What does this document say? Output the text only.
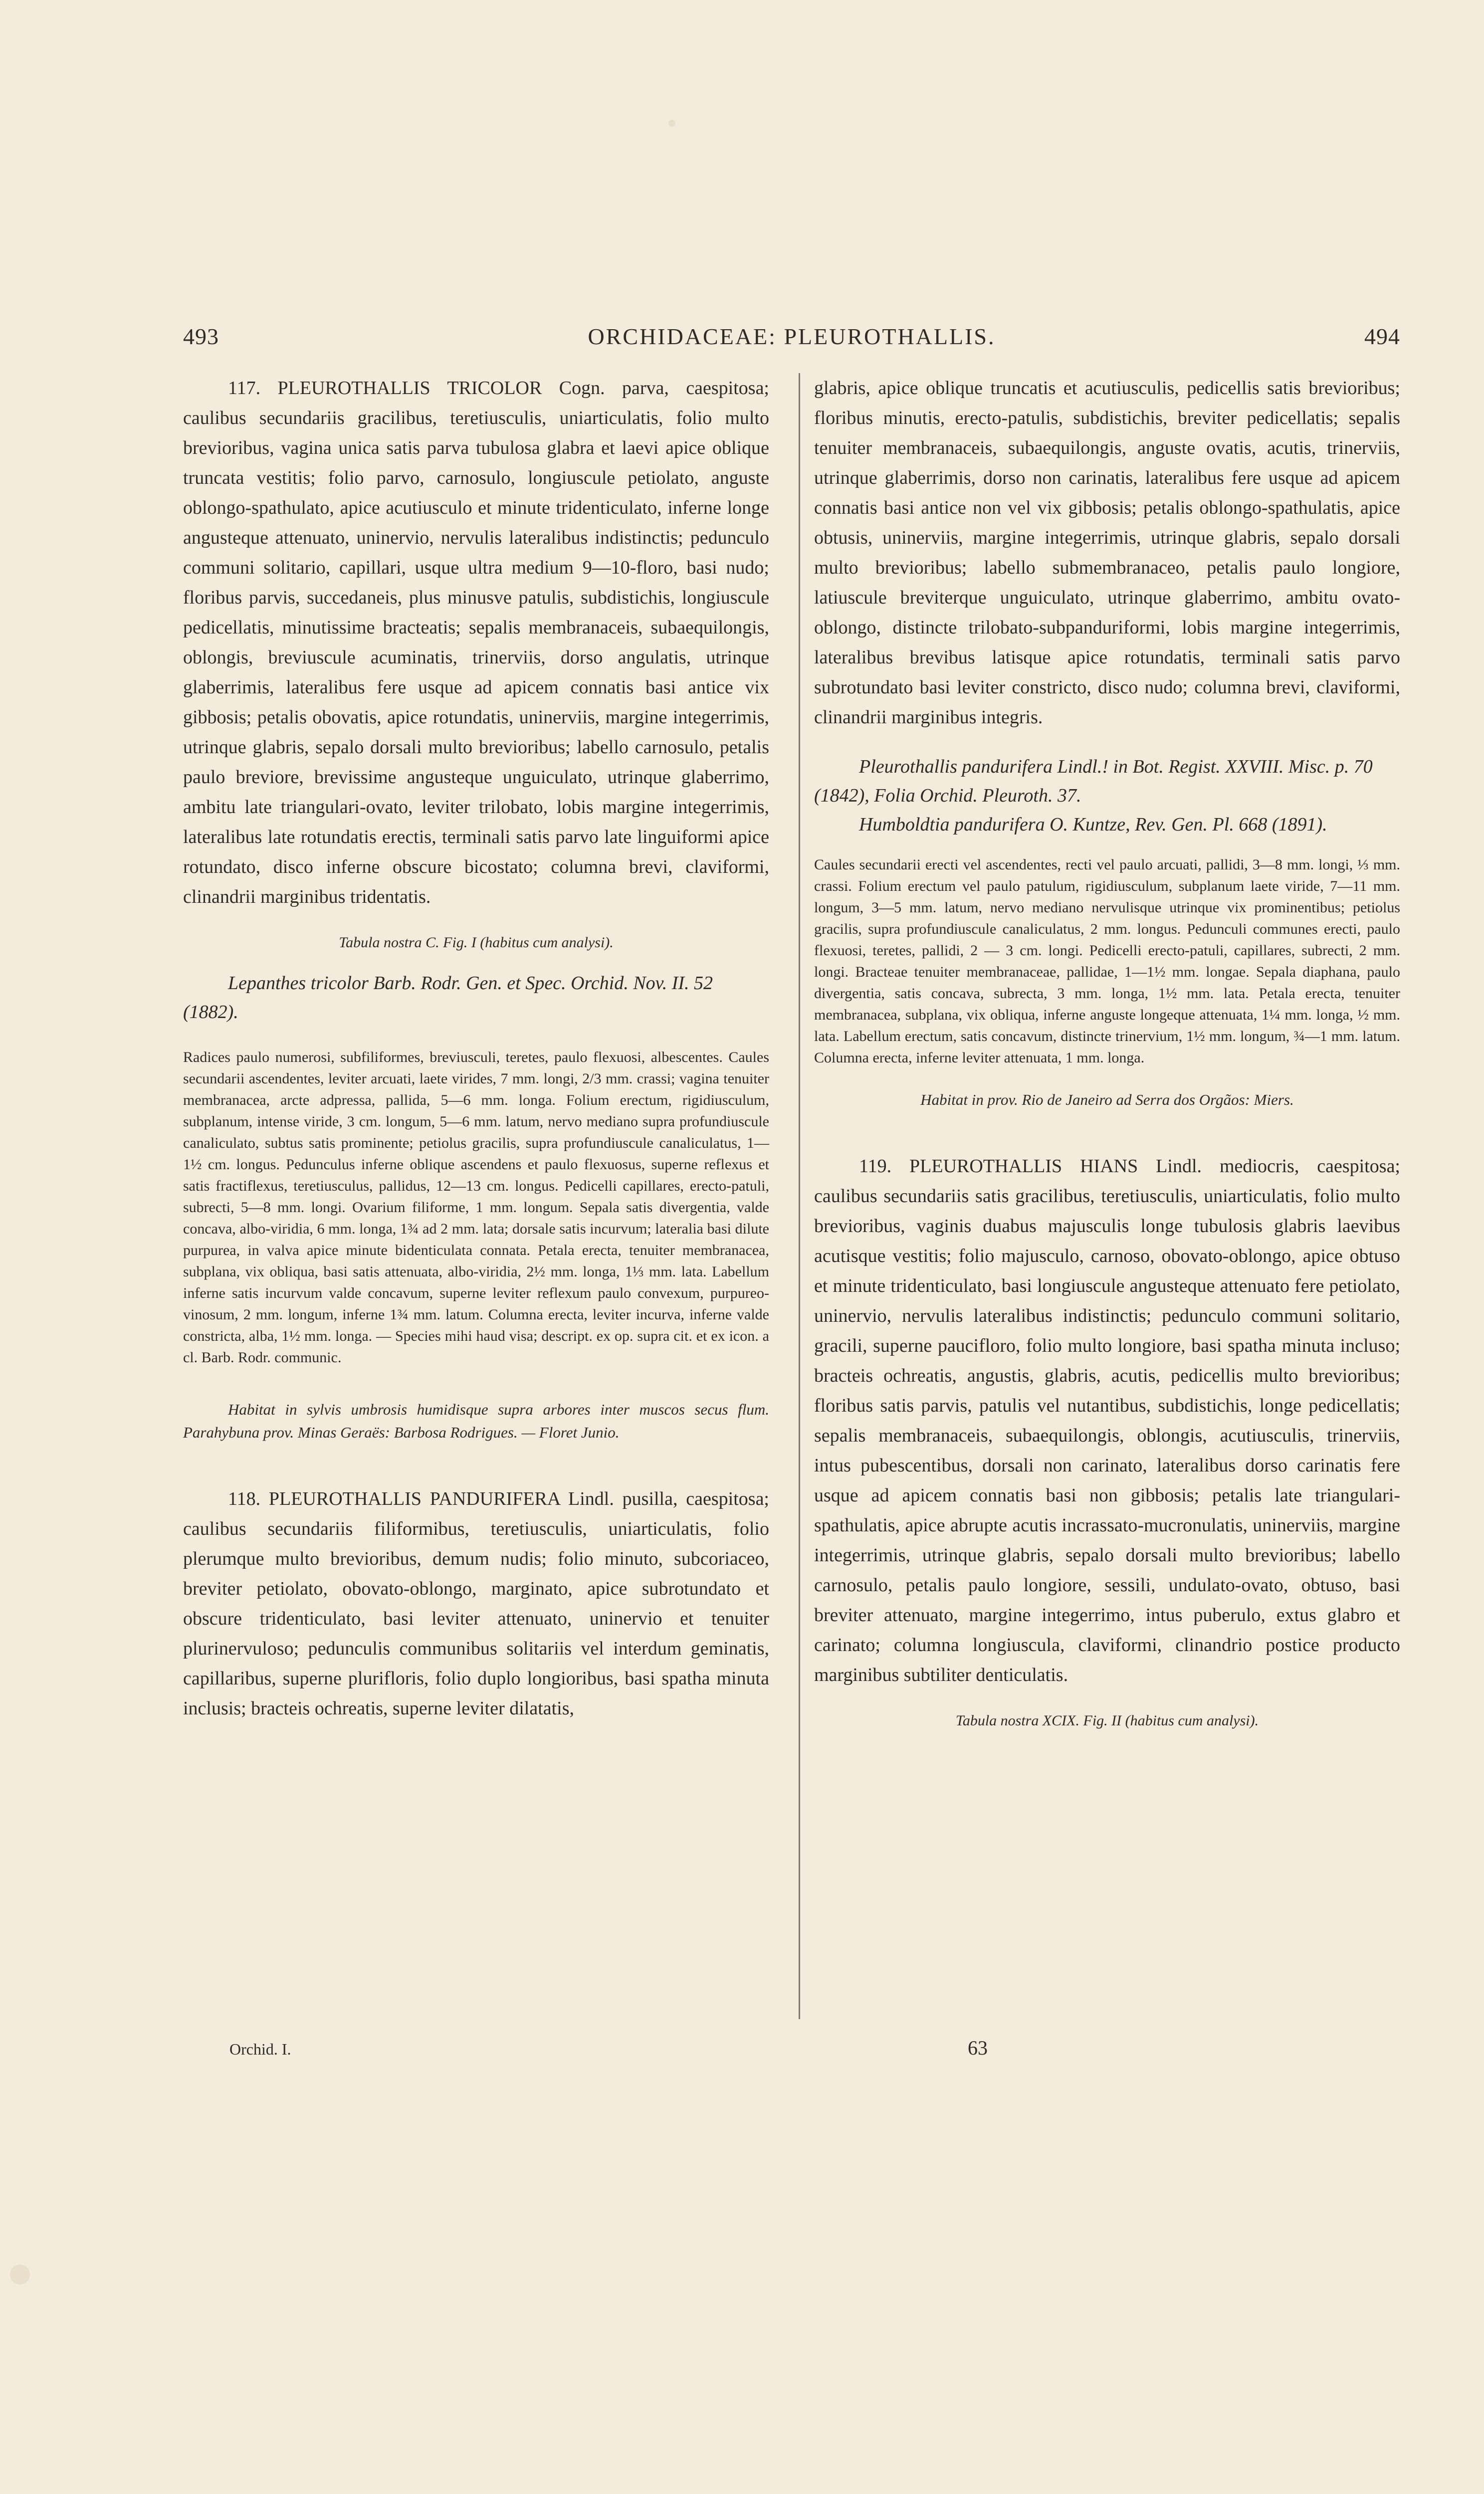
493	ORCHIDACEAE: PLEUROTHALLIS.	494

117. PLEUROTHALLIS TRICOLOR Cogn. parva, caespitosa; caulibus secundariis gracilibus, teretiusculis, uniarticulatis, folio multo brevioribus, vagina unica satis parva tubulosa glabra et laevi apice oblique truncata vestitis; folio parvo, carnosulo, longiuscule petiolato, anguste oblongo-spathulato, apice acutiusculo et minute tridenticulato, inferne longe angusteque attenuato, uninervio, nervulis lateralibus indistinctis; pedunculo communi solitario, capillari, usque ultra medium 9—10-floro, basi nudo; floribus parvis, succedaneis, plus minusve patulis, subdistichis, longiuscule pedicellatis, minutissime bracteatis; sepalis membranaceis, subaequilongis, oblongis, breviuscule acuminatis, trinerviis, dorso angulatis, utrinque glaberrimis, lateralibus fere usque ad apicem connatis basi antice vix gibbosis; petalis obovatis, apice rotundatis, uninerviis, margine integerrimis, utrinque glabris, sepalo dorsali multo brevioribus; labello carnosulo, petalis paulo breviore, brevissime angusteque unguiculato, utrinque glaberrimo, ambitu late triangulari-ovato, leviter trilobato, lobis margine integerrimis, lateralibus late rotundatis erectis, terminali satis parvo late linguiformi apice rotundato, disco inferne obscure bicostato; columna brevi, claviformi, clinandrii marginibus tridentatis.

Tabula nostra C. Fig. I (habitus cum analysi).

Lepanthes tricolor Barb. Rodr. Gen. et Spec. Orchid. Nov. II. 52 (1882).

Radices paulo numerosi, subfiliformes, breviusculi, teretes, paulo flexuosi, albescentes. Caules secundarii ascendentes, leviter arcuati, laete virides, 7 mm. longi, 2/3 mm. crassi; vagina tenuiter membranacea, arcte adpressa, pallida, 5—6 mm. longa. Folium erectum, rigidiusculum, subplanum, intense viride, 3 cm. longum, 5—6 mm. latum, nervo mediano supra profundiuscule canaliculato, subtus satis prominente; petiolus gracilis, supra profundiuscule canaliculatus, 1—1½ cm. longus. Pedunculus inferne oblique ascendens et paulo flexuosus, superne reflexus et satis fractiflexus, teretiusculus, pallidus, 12—13 cm. longus. Pedicelli capillares, erecto-patuli, subrecti, 5—8 mm. longi. Ovarium filiforme, 1 mm. longum. Sepala satis divergentia, valde concava, albo-viridia, 6 mm. longa, 1¾ ad 2 mm. lata; dorsale satis incurvum; lateralia basi dilute purpurea, in valva apice minute bidenticulata connata. Petala erecta, tenuiter membranacea, subplana, vix obliqua, basi satis attenuata, albo-viridia, 2½ mm. longa, 1⅓ mm. lata. Labellum inferne satis incurvum valde concavum, superne leviter reflexum paulo convexum, purpureo-vinosum, 2 mm. longum, inferne 1¾ mm. latum. Columna erecta, leviter incurva, inferne valde constricta, alba, 1½ mm. longa. — Species mihi haud visa; descript. ex op. supra cit. et ex icon. a cl. Barb. Rodr. communic.

Habitat in sylvis umbrosis humidisque supra arbores inter muscos secus flum. Parahybuna prov. Minas Geraës: Barbosa Rodrigues. — Floret Junio.

118. PLEUROTHALLIS PANDURIFERA Lindl. pusilla, caespitosa; caulibus secundariis filiformibus, teretiusculis, uniarticulatis, folio plerumque multo brevioribus, demum nudis; folio minuto, subcoriaceo, breviter petiolato, obovato-oblongo, marginato, apice subrotundato et obscure tridenticulato, basi leviter attenuato, uninervio et tenuiter plurinervuloso; pedunculis communibus solitariis vel interdum geminatis, capillaribus, superne plurifloris, folio duplo longioribus, basi spatha minuta inclusis; bracteis ochreatis, superne leviter dilatatis,

glabris, apice oblique truncatis et acutiusculis, pedicellis satis brevioribus; floribus minutis, erecto-patulis, subdistichis, breviter pedicellatis; sepalis tenuiter membranaceis, subaequilongis, anguste ovatis, acutis, trinerviis, utrinque glaberrimis, dorso non carinatis, lateralibus fere usque ad apicem connatis basi antice non vel vix gibbosis; petalis oblongo-spathulatis, apice obtusis, uninerviis, margine integerrimis, utrinque glabris, sepalo dorsali multo brevioribus; labello submembranaceo, petalis paulo longiore, latiuscule breviterque unguiculato, utrinque glaberrimo, ambitu ovato-oblongo, distincte trilobato-subpanduriformi, lobis margine integerrimis, lateralibus brevibus latisque apice rotundatis, terminali satis parvo subrotundato basi leviter constricto, disco nudo; columna brevi, claviformi, clinandrii marginibus integris.

Pleurothallis pandurifera Lindl.! in Bot. Regist. XXVIII. Misc. p. 70 (1842), Folia Orchid. Pleuroth. 37.

Humboldtia pandurifera O. Kuntze, Rev. Gen. Pl. 668 (1891).

Caules secundarii erecti vel ascendentes, recti vel paulo arcuati, pallidi, 3—8 mm. longi, ⅓ mm. crassi. Folium erectum vel paulo patulum, rigidiusculum, subplanum laete viride, 7—11 mm. longum, 3—5 mm. latum, nervo mediano nervulisque utrinque vix prominentibus; petiolus gracilis, supra profundiuscule canaliculatus, 2 mm. longus. Pedunculi communes erecti, paulo flexuosi, teretes, pallidi, 2 — 3 cm. longi. Pedicelli erecto-patuli, capillares, subrecti, 2 mm. longi. Bracteae tenuiter membranaceae, pallidae, 1—1½ mm. longae. Sepala diaphana, paulo divergentia, satis concava, subrecta, 3 mm. longa, 1½ mm. lata. Petala erecta, tenuiter membranacea, subplana, vix obliqua, inferne anguste longeque attenuata, 1¼ mm. longa, ½ mm. lata. Labellum erectum, satis concavum, distincte trinervium, 1½ mm. longum, ¾—1 mm. latum. Columna erecta, inferne leviter attenuata, 1 mm. longa.

Habitat in prov. Rio de Janeiro ad Serra dos Orgãos: Miers.

119. PLEUROTHALLIS HIANS Lindl. mediocris, caespitosa; caulibus secundariis satis gracilibus, teretiusculis, uniarticulatis, folio multo brevioribus, vaginis duabus majusculis longe tubulosis glabris laevibus acutisque vestitis; folio majusculo, carnoso, obovato-oblongo, apice obtuso et minute tridenticulato, basi longiuscule angusteque attenuato fere petiolato, uninervio, nervulis lateralibus indistinctis; pedunculo communi solitario, gracili, superne paucifloro, folio multo longiore, basi spatha minuta incluso; bracteis ochreatis, angustis, glabris, acutis, pedicellis multo brevioribus; floribus satis parvis, patulis vel nutantibus, subdistichis, longe pedicellatis; sepalis membranaceis, subaequilongis, oblongis, acutiusculis, trinerviis, intus pubescentibus, dorsali non carinato, lateralibus dorso carinatis fere usque ad apicem connatis basi non gibbosis; petalis late triangulari-spathulatis, apice abrupte acutis incrassato-mucronulatis, uninerviis, margine integerrimis, utrinque glabris, sepalo dorsali multo brevioribus; labello carnosulo, petalis paulo longiore, sessili, undulato-ovato, obtuso, basi breviter attenuato, margine integerrimo, intus puberulo, extus glabro et carinato; columna longiuscula, claviformi, clinandrio postice producto marginibus subtiliter denticulatis.

Tabula nostra XCIX. Fig. II (habitus cum analysi).

Orchid. I.	63
